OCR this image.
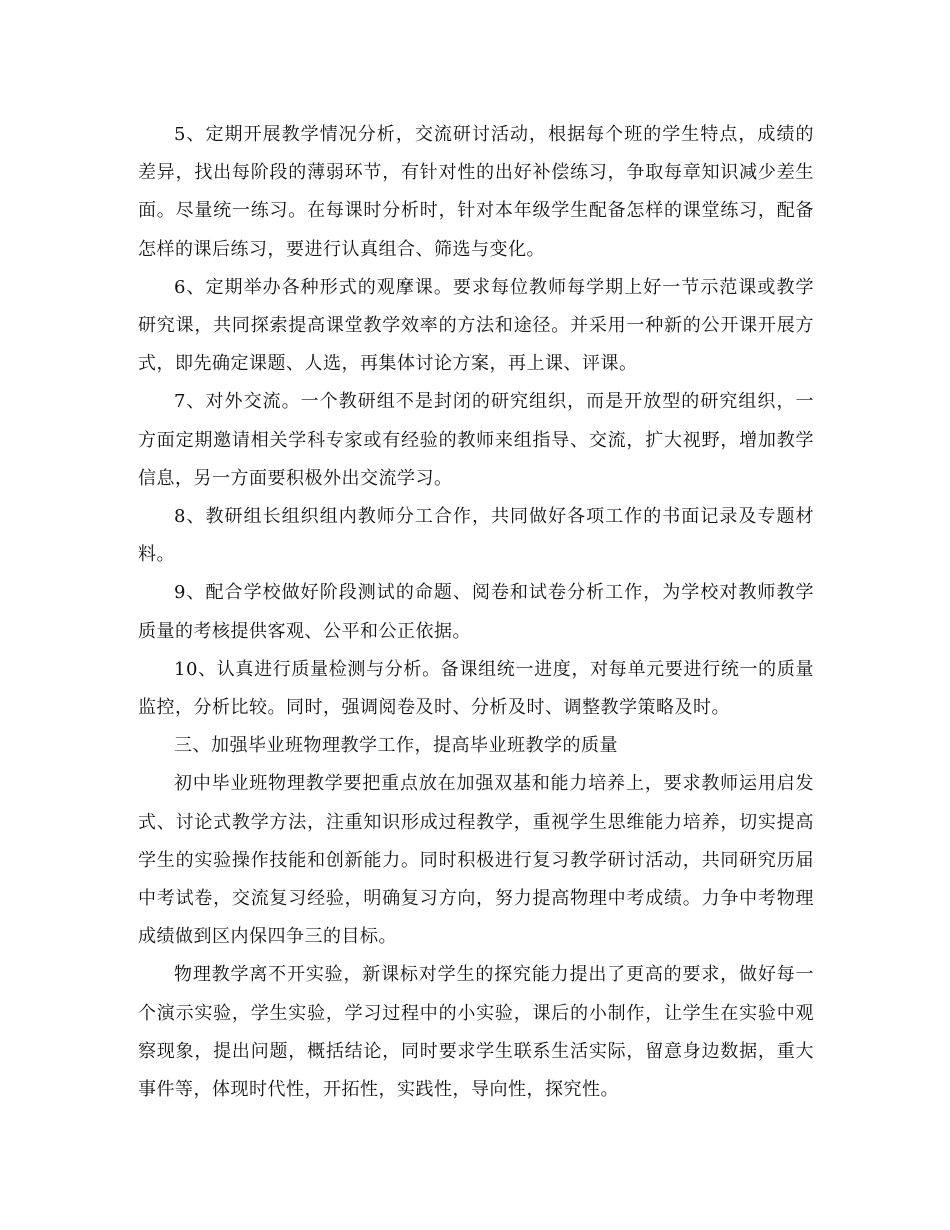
5、定期开展教学情况分析，交流研讨活动，根据每个班的学生特点，成绩的差异，找出每阶段的薄弱环节，有针对性的出好补偿练习，争取每章知识减少差生面。尽量统一练习。在每课时分析时，针对本年级学生配备怎样的课堂练习，配备怎样的课后练习，要进行认真组合、筛选与变化。

6、定期举办各种形式的观摩课。要求每位教师每学期上好一节示范课或教学研究课，共同探索提高课堂教学效率的方法和途径。并采用一种新的公开课开展方式，即先确定课题、人选，再集体讨论方案，再上课、评课。

7、对外交流。一个教研组不是封闭的研究组织，而是开放型的研究组织，一方面定期邀请相关学科专家或有经验的教师来组指导、交流，扩大视野，增加教学信息，另一方面要积极外出交流学习。

8、教研组长组织组内教师分工合作，共同做好各项工作的书面记录及专题材料。

9、配合学校做好阶段测试的命题、阅卷和试卷分析工作，为学校对教师教学质量的考核提供客观、公平和公正依据。

10、认真进行质量检测与分析。备课组统一进度，对每单元要进行统一的质量监控，分析比较。同时，强调阅卷及时、分析及时、调整教学策略及时。

三、加强毕业班物理教学工作，提高毕业班教学的质量

初中毕业班物理教学要把重点放在加强双基和能力培养上，要求教师运用启发式、讨论式教学方法，注重知识形成过程教学，重视学生思维能力培养，切实提高学生的实验操作技能和创新能力。同时积极进行复习教学研讨活动，共同研究历届中考试卷，交流复习经验，明确复习方向，努力提高物理中考成绩。力争中考物理成绩做到区内保四争三的目标。

物理教学离不开实验，新课标对学生的探究能力提出了更高的要求，做好每一个演示实验，学生实验，学习过程中的小实验，课后的小制作，让学生在实验中观察现象，提出问题，概括结论，同时要求学生联系生活实际，留意身边数据，重大事件等，体现时代性，开拓性，实践性，导向性，探究性。
